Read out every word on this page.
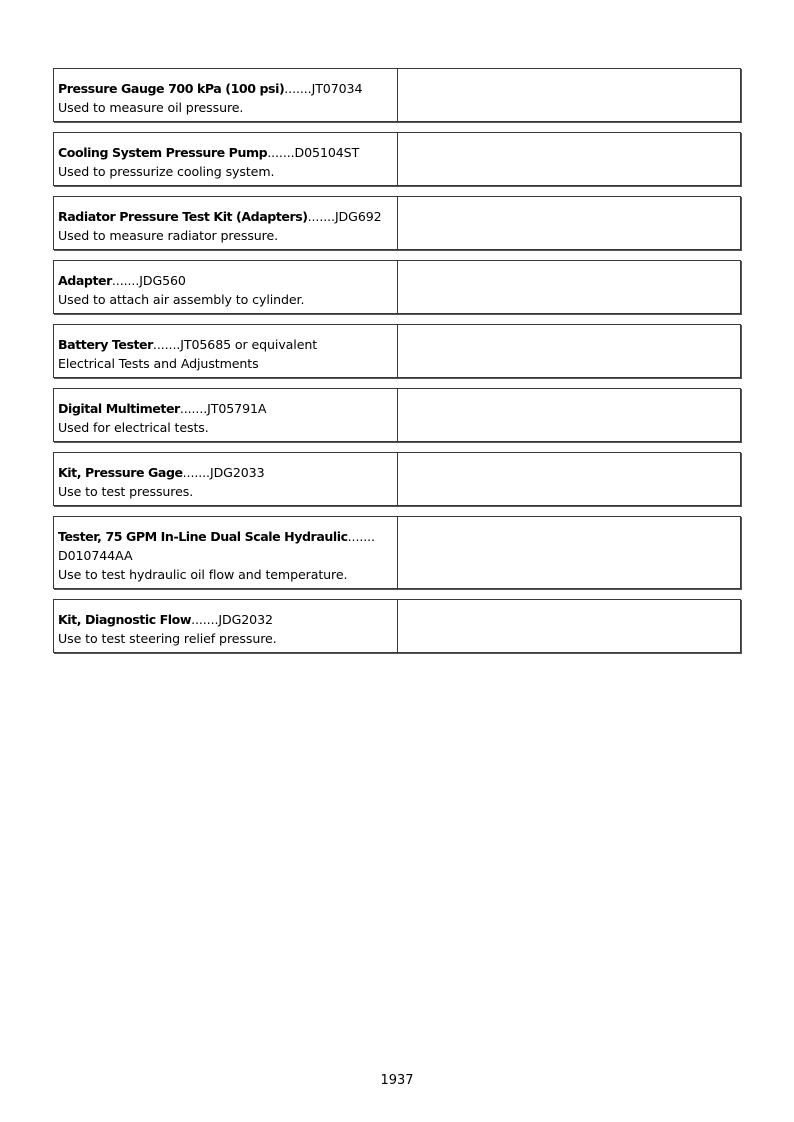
Pressure Gauge 700 kPa (100 psi).......JT07034
Used to measure oil pressure.
Cooling System Pressure Pump.......D05104ST
Used to pressurize cooling system.
Radiator Pressure Test Kit (Adapters).......JDG692
Used to measure radiator pressure.
Adapter.......JDG560
Used to attach air assembly to cylinder.
Battery Tester.......JT05685 or equivalent
Electrical Tests and Adjustments
Digital Multimeter.......JT05791A
Used for electrical tests.
Kit, Pressure Gage.......JDG2033
Use to test pressures.
Tester, 75 GPM In-Line Dual Scale Hydraulic.......
D010744AA
Use to test hydraulic oil flow and temperature.
Kit, Diagnostic Flow.......JDG2032
Use to test steering relief pressure.
1937
